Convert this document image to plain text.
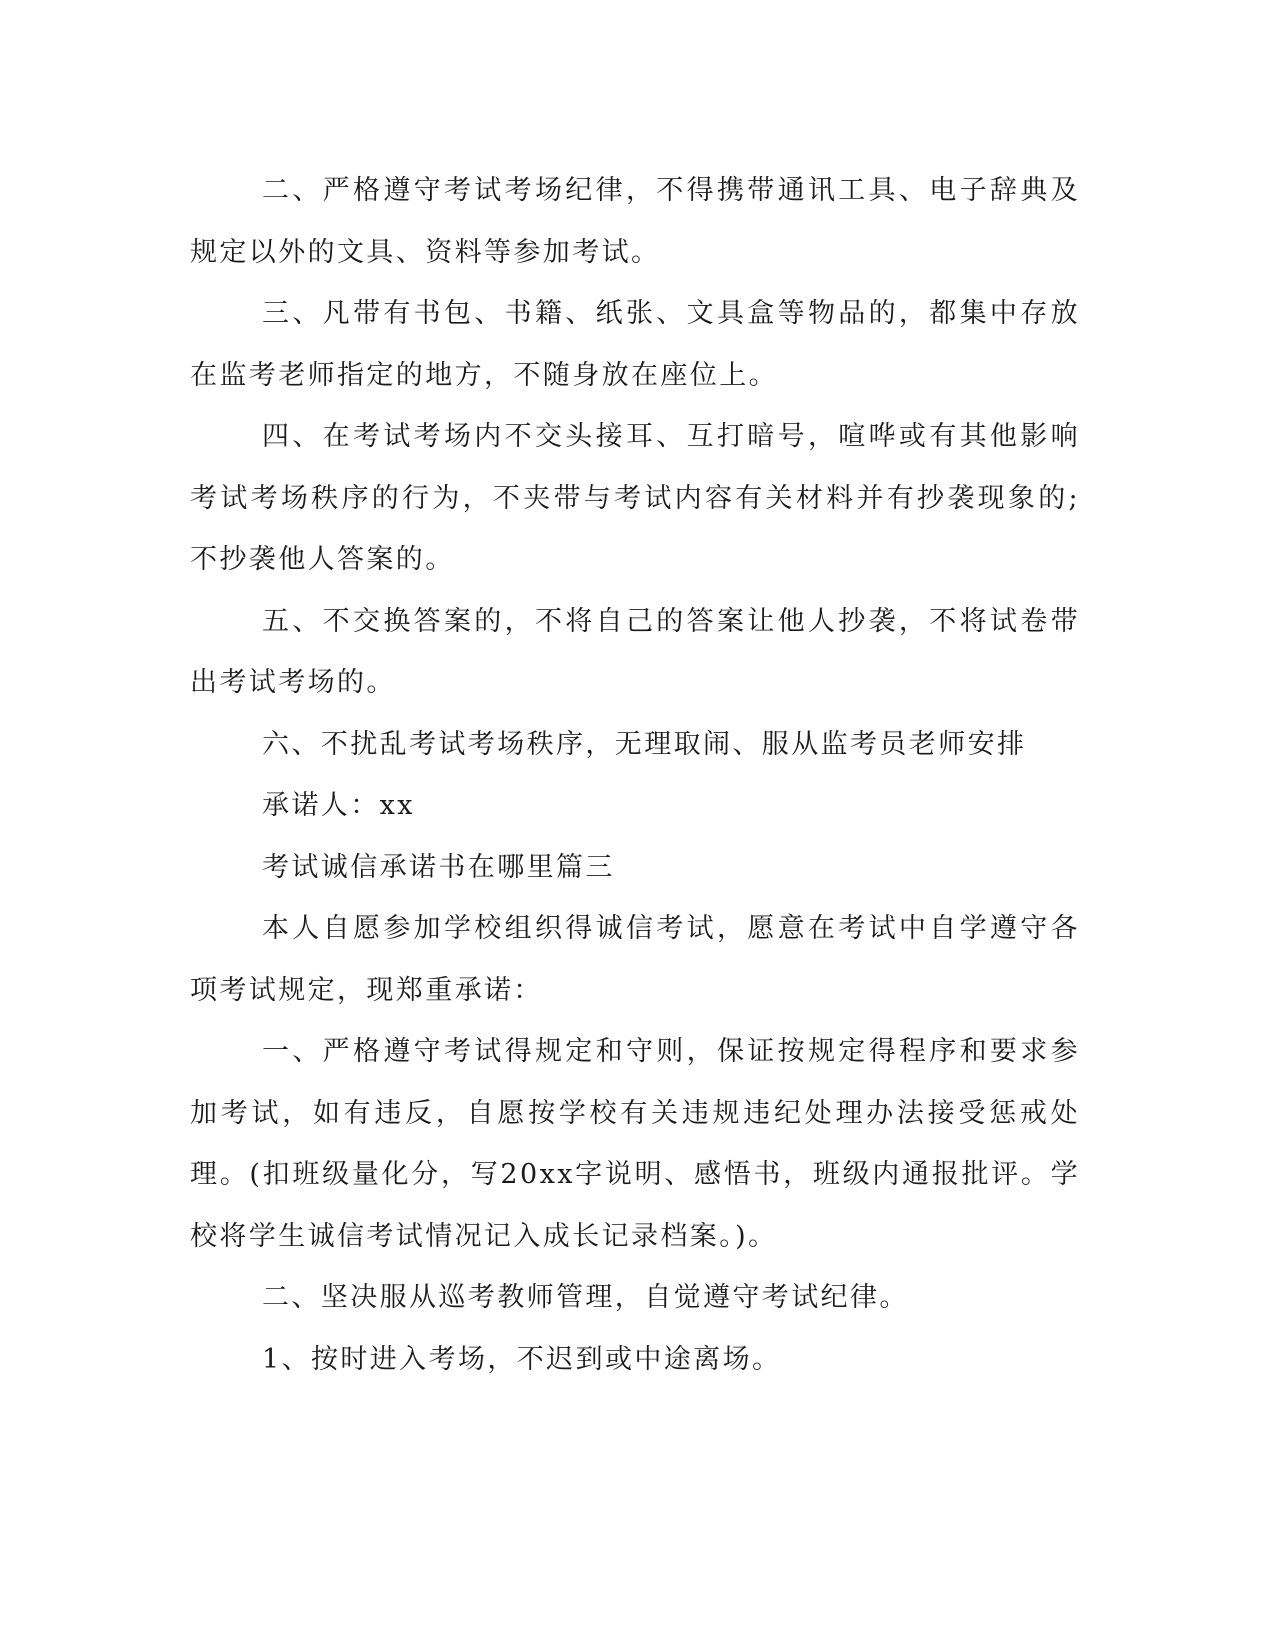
二、严格遵守考试考场纪律，不得携带通讯工具、电子辞典及规定以外的文具、资料等参加考试。

三、凡带有书包、书籍、纸张、文具盒等物品的，都集中存放在监考老师指定的地方，不随身放在座位上。

四、在考试考场内不交头接耳、互打暗号，喧哗或有其他影响考试考场秩序的行为，不夹带与考试内容有关材料并有抄袭现象的;不抄袭他人答案的。

五、不交换答案的，不将自己的答案让他人抄袭，不将试卷带出考试考场的。

六、不扰乱考试考场秩序，无理取闹、服从监考员老师安排

承诺人：xx

考试诚信承诺书在哪里篇三

本人自愿参加学校组织得诚信考试，愿意在考试中自学遵守各项考试规定，现郑重承诺：

一、严格遵守考试得规定和守则，保证按规定得程序和要求参加考试，如有违反，自愿按学校有关违规违纪处理办法接受惩戒处理。(扣班级量化分，写20xx字说明、感悟书，班级内通报批评。学校将学生诚信考试情况记入成长记录档案。)。

二、坚决服从巡考教师管理，自觉遵守考试纪律。

1、按时进入考场，不迟到或中途离场。
